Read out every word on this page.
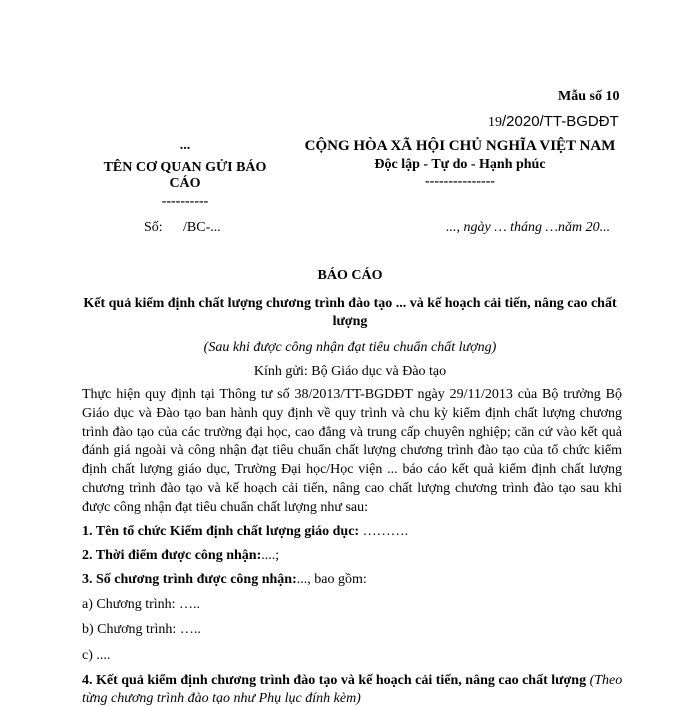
Mẫu số 10
19/2020/TT-BGDĐT
...
TÊN CƠ QUAN GỬI BÁO
CÁO
----------
CỘNG HÒA XÃ HỘI CHỦ NGHĨA VIỆT NAM
Độc lập - Tự do - Hạnh phúc
---------------
Số: /BC-...	..., ngày … tháng …năm 20...
BÁO CÁO
Kết quả kiểm định chất lượng chương trình đào tạo ... và kế hoạch cải tiến, nâng cao chất
lượng
(Sau khi được công nhận đạt tiêu chuẩn chất lượng)
Kính gửi: Bộ Giáo dục và Đào tạo
Thực hiện quy định tại Thông tư số 38/2013/TT-BGDĐT ngày 29/11/2013 của Bộ trưởng Bộ Giáo dục và Đào tạo ban hành quy định về quy trình và chu kỳ kiểm định chất lượng chương trình đào tạo của các trường đại học, cao đẳng và trung cấp chuyên nghiệp; căn cứ vào kết quả đánh giá ngoài và công nhận đạt tiêu chuẩn chất lượng chương trình đào tạo của tổ chức kiểm định chất lượng giáo dục, Trường Đại học/Học viện ... báo cáo kết quả kiểm định chất lượng chương trình đào tạo và kế hoạch cải tiến, nâng cao chất lượng chương trình đào tạo sau khi được công nhận đạt tiêu chuẩn chất lượng như sau:
1. Tên tổ chức Kiểm định chất lượng giáo dục: ……….
2. Thời điểm được công nhận:....;
3. Số chương trình được công nhận:..., bao gồm:
a) Chương trình: …..
b) Chương trình: …..
c) ....
4. Kết quả kiểm định chương trình đào tạo và kế hoạch cải tiến, nâng cao chất lượng (Theo
từng chương trình đào tạo như Phụ lục đính kèm)
